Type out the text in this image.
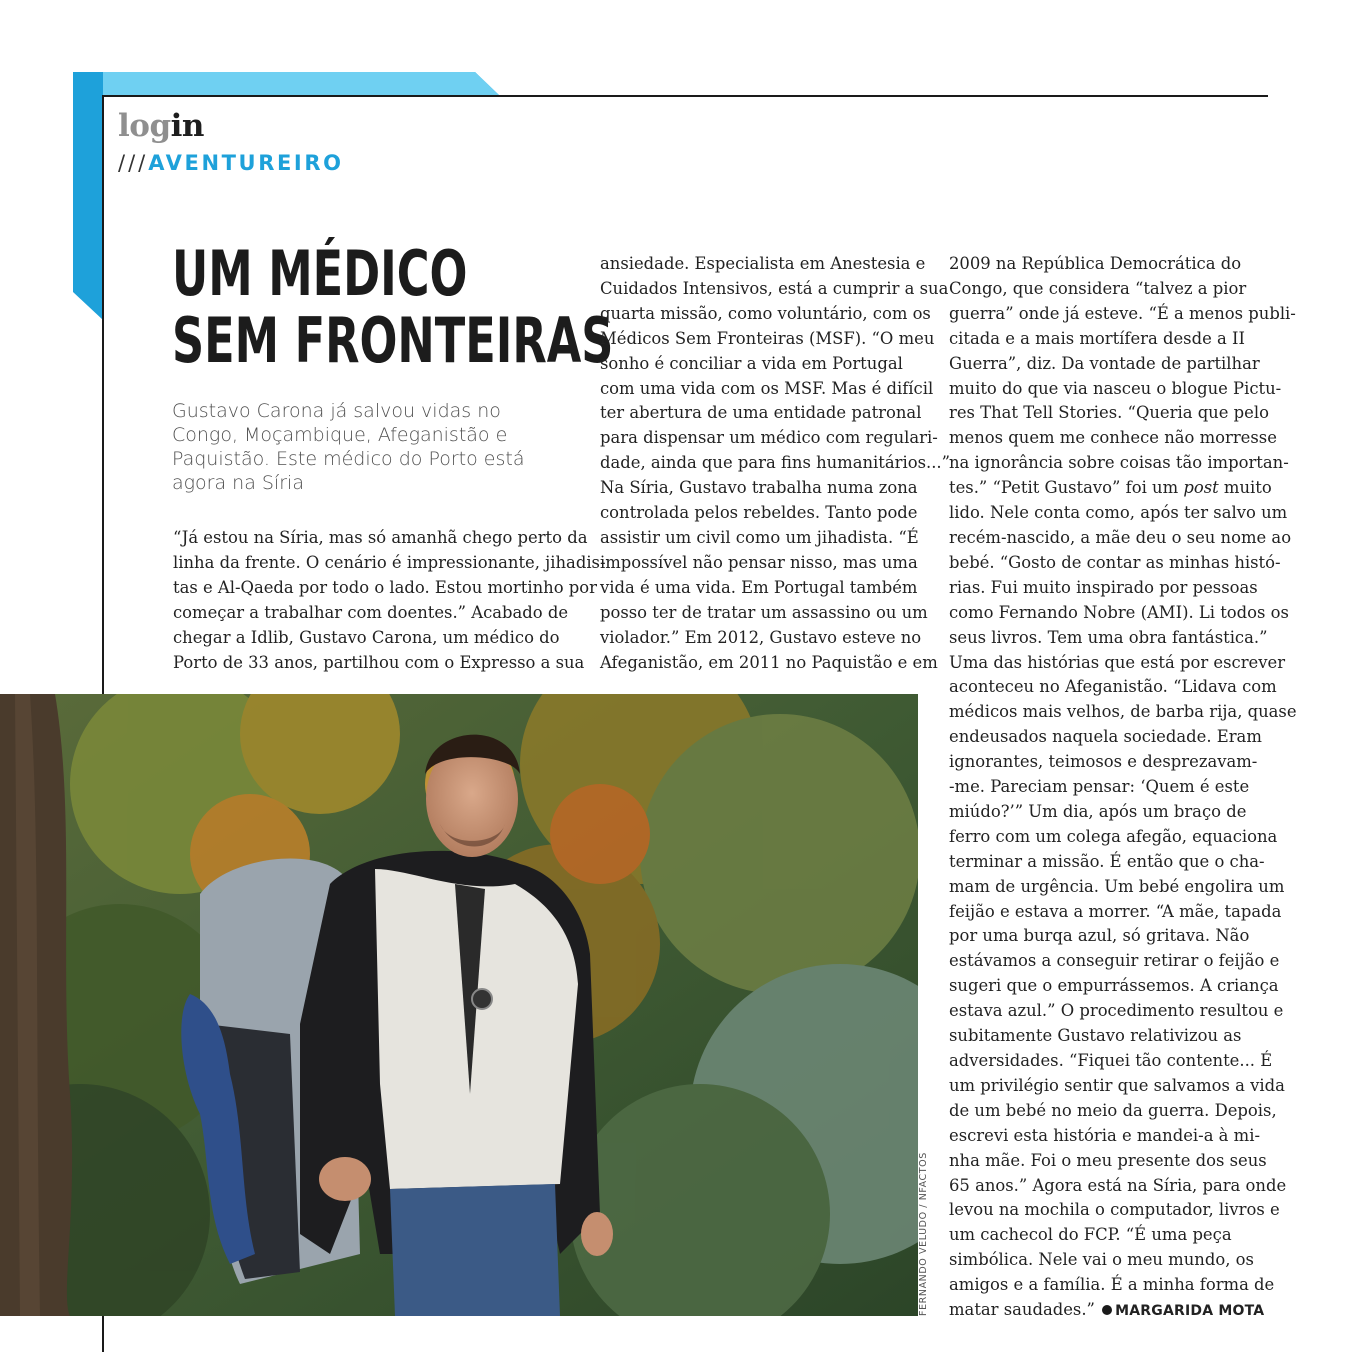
login
///AVENTUREIRO
UM MÉDICO
SEM FRONTEIRAS

Gustavo Carona já salvou vidas no Congo, Moçambique, Afeganistão e Paquistão. Este médico do Porto está agora na Síria

“Já estou na Síria, mas só amanhã chego perto da
linha da frente. O cenário é impressionante, jihadis-
tas e Al-Qaeda por todo o lado. Estou mortinho por
começar a trabalhar com doentes.” Acabado de
chegar a Idlib, Gustavo Carona, um médico do
Porto de 33 anos, partilhou com o Expresso a sua
ansiedade. Especialista em Anestesia e
Cuidados Intensivos, está a cumprir a sua
quarta missão, como voluntário, com os
Médicos Sem Fronteiras (MSF). “O meu
sonho é conciliar a vida em Portugal
com uma vida com os MSF. Mas é difícil
ter abertura de uma entidade patronal
para dispensar um médico com regulari-
dade, ainda que para fins humanitários...”
Na Síria, Gustavo trabalha numa zona
controlada pelos rebeldes. Tanto pode
assistir um civil como um jihadista. “É
impossível não pensar nisso, mas uma
vida é uma vida. Em Portugal também
posso ter de tratar um assassino ou um
violador.” Em 2012, Gustavo esteve no
Afeganistão, em 2011 no Paquistão e em
2009 na República Democrática do
Congo, que considera “talvez a pior
guerra” onde já esteve. “É a menos publi-
citada e a mais mortífera desde a II
Guerra”, diz. Da vontade de partilhar
muito do que via nasceu o blogue Pictu-
res That Tell Stories. “Queria que pelo
menos quem me conhece não morresse
na ignorância sobre coisas tão importan-
tes.” “Petit Gustavo” foi um post muito
lido. Nele conta como, após ter salvo um
recém-nascido, a mãe deu o seu nome ao
bebé. “Gosto de contar as minhas histó-
rias. Fui muito inspirado por pessoas
como Fernando Nobre (AMI). Li todos os
seus livros. Tem uma obra fantástica.”
Uma das histórias que está por escrever
aconteceu no Afeganistão. “Lidava com
médicos mais velhos, de barba rija, quase
endeusados naquela sociedade. Eram
ignorantes, teimosos e desprezavam-
-me. Pareciam pensar: ‘Quem é este
miúdo?’” Um dia, após um braço de
ferro com um colega afegão, equaciona
terminar a missão. É então que o cha-
mam de urgência. Um bebé engolira um
feijão e estava a morrer. “A mãe, tapada
por uma burqa azul, só gritava. Não
estávamos a conseguir retirar o feijão e
sugeri que o empurrássemos. A criança
estava azul.” O procedimento resultou e
subitamente Gustavo relativizou as
adversidades. “Fiquei tão contente... É
um privilégio sentir que salvamos a vida
de um bebé no meio da guerra. Depois,
escrevi esta história e mandei-a à mi-
nha mãe. Foi o meu presente dos seus
65 anos.” Agora está na Síria, para onde
levou na mochila o computador, livros e
um cachecol do FCP. “É uma peça
simbólica. Nele vai o meu mundo, os
amigos e a família. É a minha forma de
matar saudades.” MARGARIDA MOTA
FERNANDO VELUDO / NFACTOS
